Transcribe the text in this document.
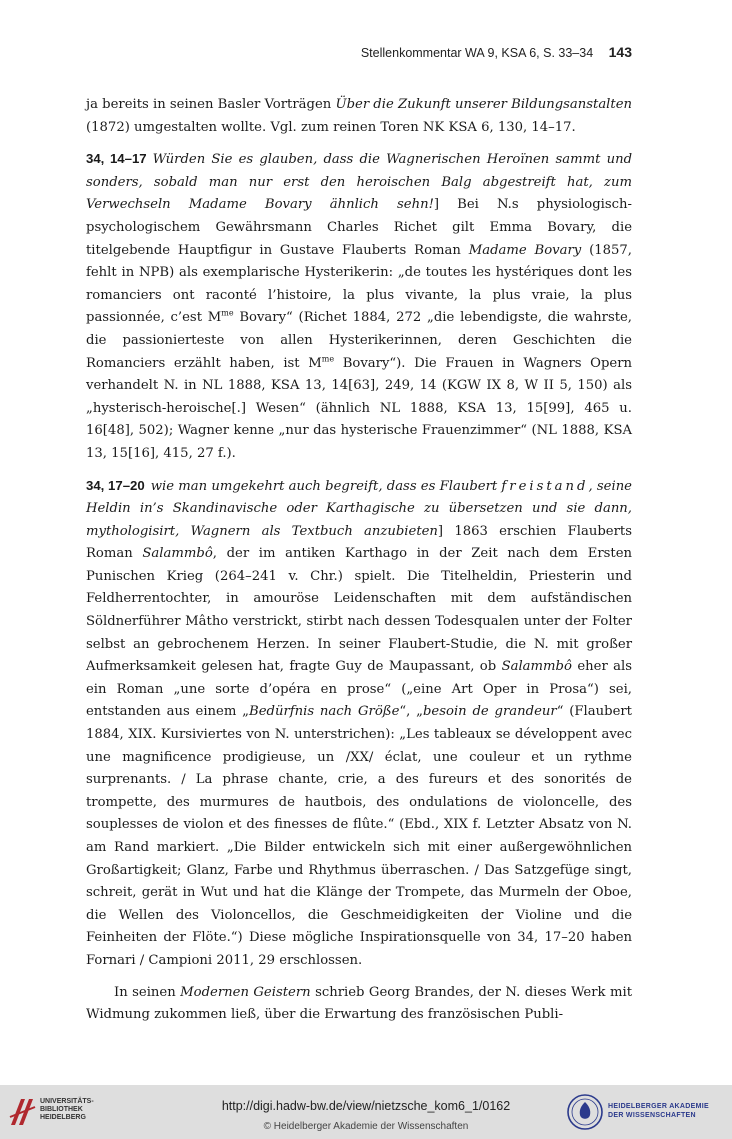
Stellenkommentar WA 9, KSA 6, S. 33–34 143

ja bereits in seinen Basler Vorträgen Über die Zukunft unserer Bildungsanstalten (1872) umgestalten wollte. Vgl. zum reinen Toren NK KSA 6, 130, 14–17.

34, 14–17 Würden Sie es glauben, dass die Wagnerischen Heroïnen sammt und sonders, sobald man nur erst den heroischen Balg abgestreift hat, zum Verwechseln Madame Bovary ähnlich sehn!] Bei N.s physiologisch-psychologischem Gewährsmann Charles Richet gilt Emma Bovary, die titelgebende Hauptfigur in Gustave Flauberts Roman Madame Bovary (1857, fehlt in NPB) als exemplarische Hysterikerin: „de toutes les hystériques dont les romanciers ont raconté l’histoire, la plus vivante, la plus vraie, la plus passionnée, c’est $M^{me}$ Bovary“ (Richet 1884, 272 „die lebendigste, die wahrste, die passionierteste von allen Hysterikerinnen, deren Geschichten die Romanciers erzählt haben, ist $M^{me}$ Bovary“). Die Frauen in Wagners Opern verhandelt N. in NL 1888, KSA 13, 14[63], 249, 14 (KGW IX 8, W II 5, 150) als „hysterisch-heroische[.] Wesen“ (ähnlich NL 1888, KSA 13, 15[99], 465 u. 16[48], 502); Wagner kenne „nur das hysterische Frauenzimmer“ (NL 1888, KSA 13, 15[16], 415, 27 f.).

34, 17–20 wie man umgekehrt auch begreift, dass es Flaubert freistand, seine Heldin in’s Skandinavische oder Karthagische zu übersetzen und sie dann, mythologisirt, Wagnern als Textbuch anzubieten] 1863 erschien Flauberts Roman Salammbô, der im antiken Karthago in der Zeit nach dem Ersten Punischen Krieg (264–241 v. Chr.) spielt. Die Titelheldin, Priesterin und Feldherrentochter, in amouröse Leidenschaften mit dem aufständischen Söldnerführer Mâtho verstrickt, stirbt nach dessen Todesqualen unter der Folter selbst an gebrochenem Herzen. In seiner Flaubert-Studie, die N. mit großer Aufmerksamkeit gelesen hat, fragte Guy de Maupassant, ob Salammbô eher als ein Roman „une sorte d’opéra en prose“ („eine Art Oper in Prosa“) sei, entstanden aus einem „Bedürfnis nach Größe“, „besoin de grandeur“ (Flaubert 1884, XIX. Kursiviertes von N. unterstrichen): „Les tableaux se développent avec une magnificence prodigieuse, un /XX/ éclat, une couleur et un rythme surprenants. / La phrase chante, crie, a des fureurs et des sonorités de trompette, des murmures de hautbois, des ondulations de violoncelle, des souplesses de violon et des finesses de flûte.“ (Ebd., XIX f. Letzter Absatz von N. am Rand markiert. „Die Bilder entwickeln sich mit einer außergewöhnlichen Großartigkeit; Glanz, Farbe und Rhythmus überraschen. / Das Satzgefüge singt, schreit, gerät in Wut und hat die Klänge der Trompete, das Murmeln der Oboe, die Wellen des Violoncellos, die Geschmeidigkeiten der Violine und die Feinheiten der Flöte.“) Diese mögliche Inspirationsquelle von 34, 17–20 haben Fornari / Campioni 2011, 29 erschlossen.

In seinen Modernen Geistern schrieb Georg Brandes, der N. dieses Werk mit Widmung zukommen ließ, über die Erwartung des französischen Publi-

UNIVERSITÄTS-
BIBLIOTHEK
HEIDELBERG
http://digi.hadw-bw.de/view/nietzsche_kom6_1/0162
© Heidelberger Akademie der Wissenschaften
HEIDELBERGER AKADEMIE
DER WISSENSCHAFTEN
